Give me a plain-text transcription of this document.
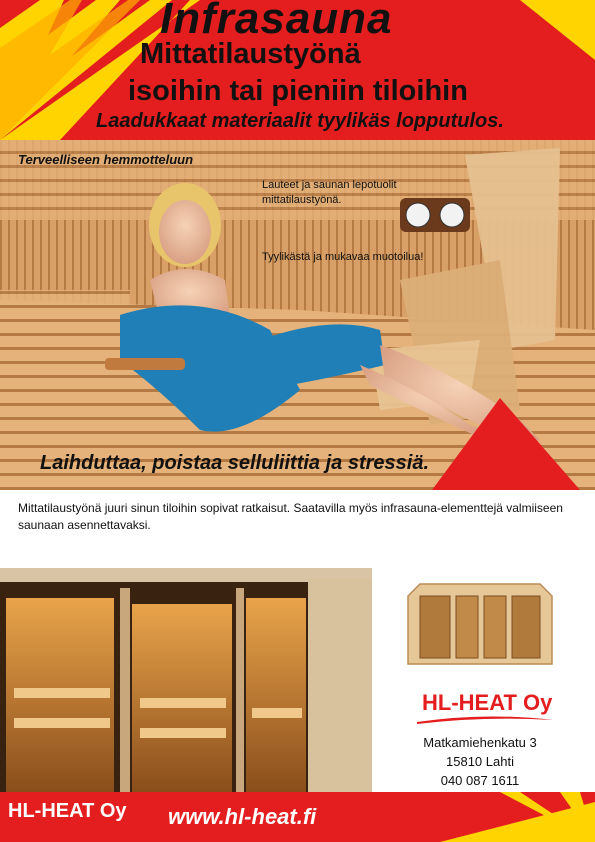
Infrasauna
Mittatilaustyönä
isoihin tai pieniin tiloihin
Laadukkaat materiaalit tyylikäs lopputulos.
Terveelliseen hemmotteluun
Lauteet ja saunan lepotuolit mittatilaustyönä.
Tyylikästä ja mukavaa muotoilua!
Laihduttaa, poistaa selluliittia ja stressiä.
Mittatilaustyönä juuri sinun tiloihin sopivat ratkaisut. Saatavilla myös infrasauna-elementtejä valmiiseen saunaan asennettavaksi.
HL-HEAT Oy
Matkamiehenkatu 3
15810 Lahti
040 087 1611
HL-HEAT Oy www.hl-heat.fi
